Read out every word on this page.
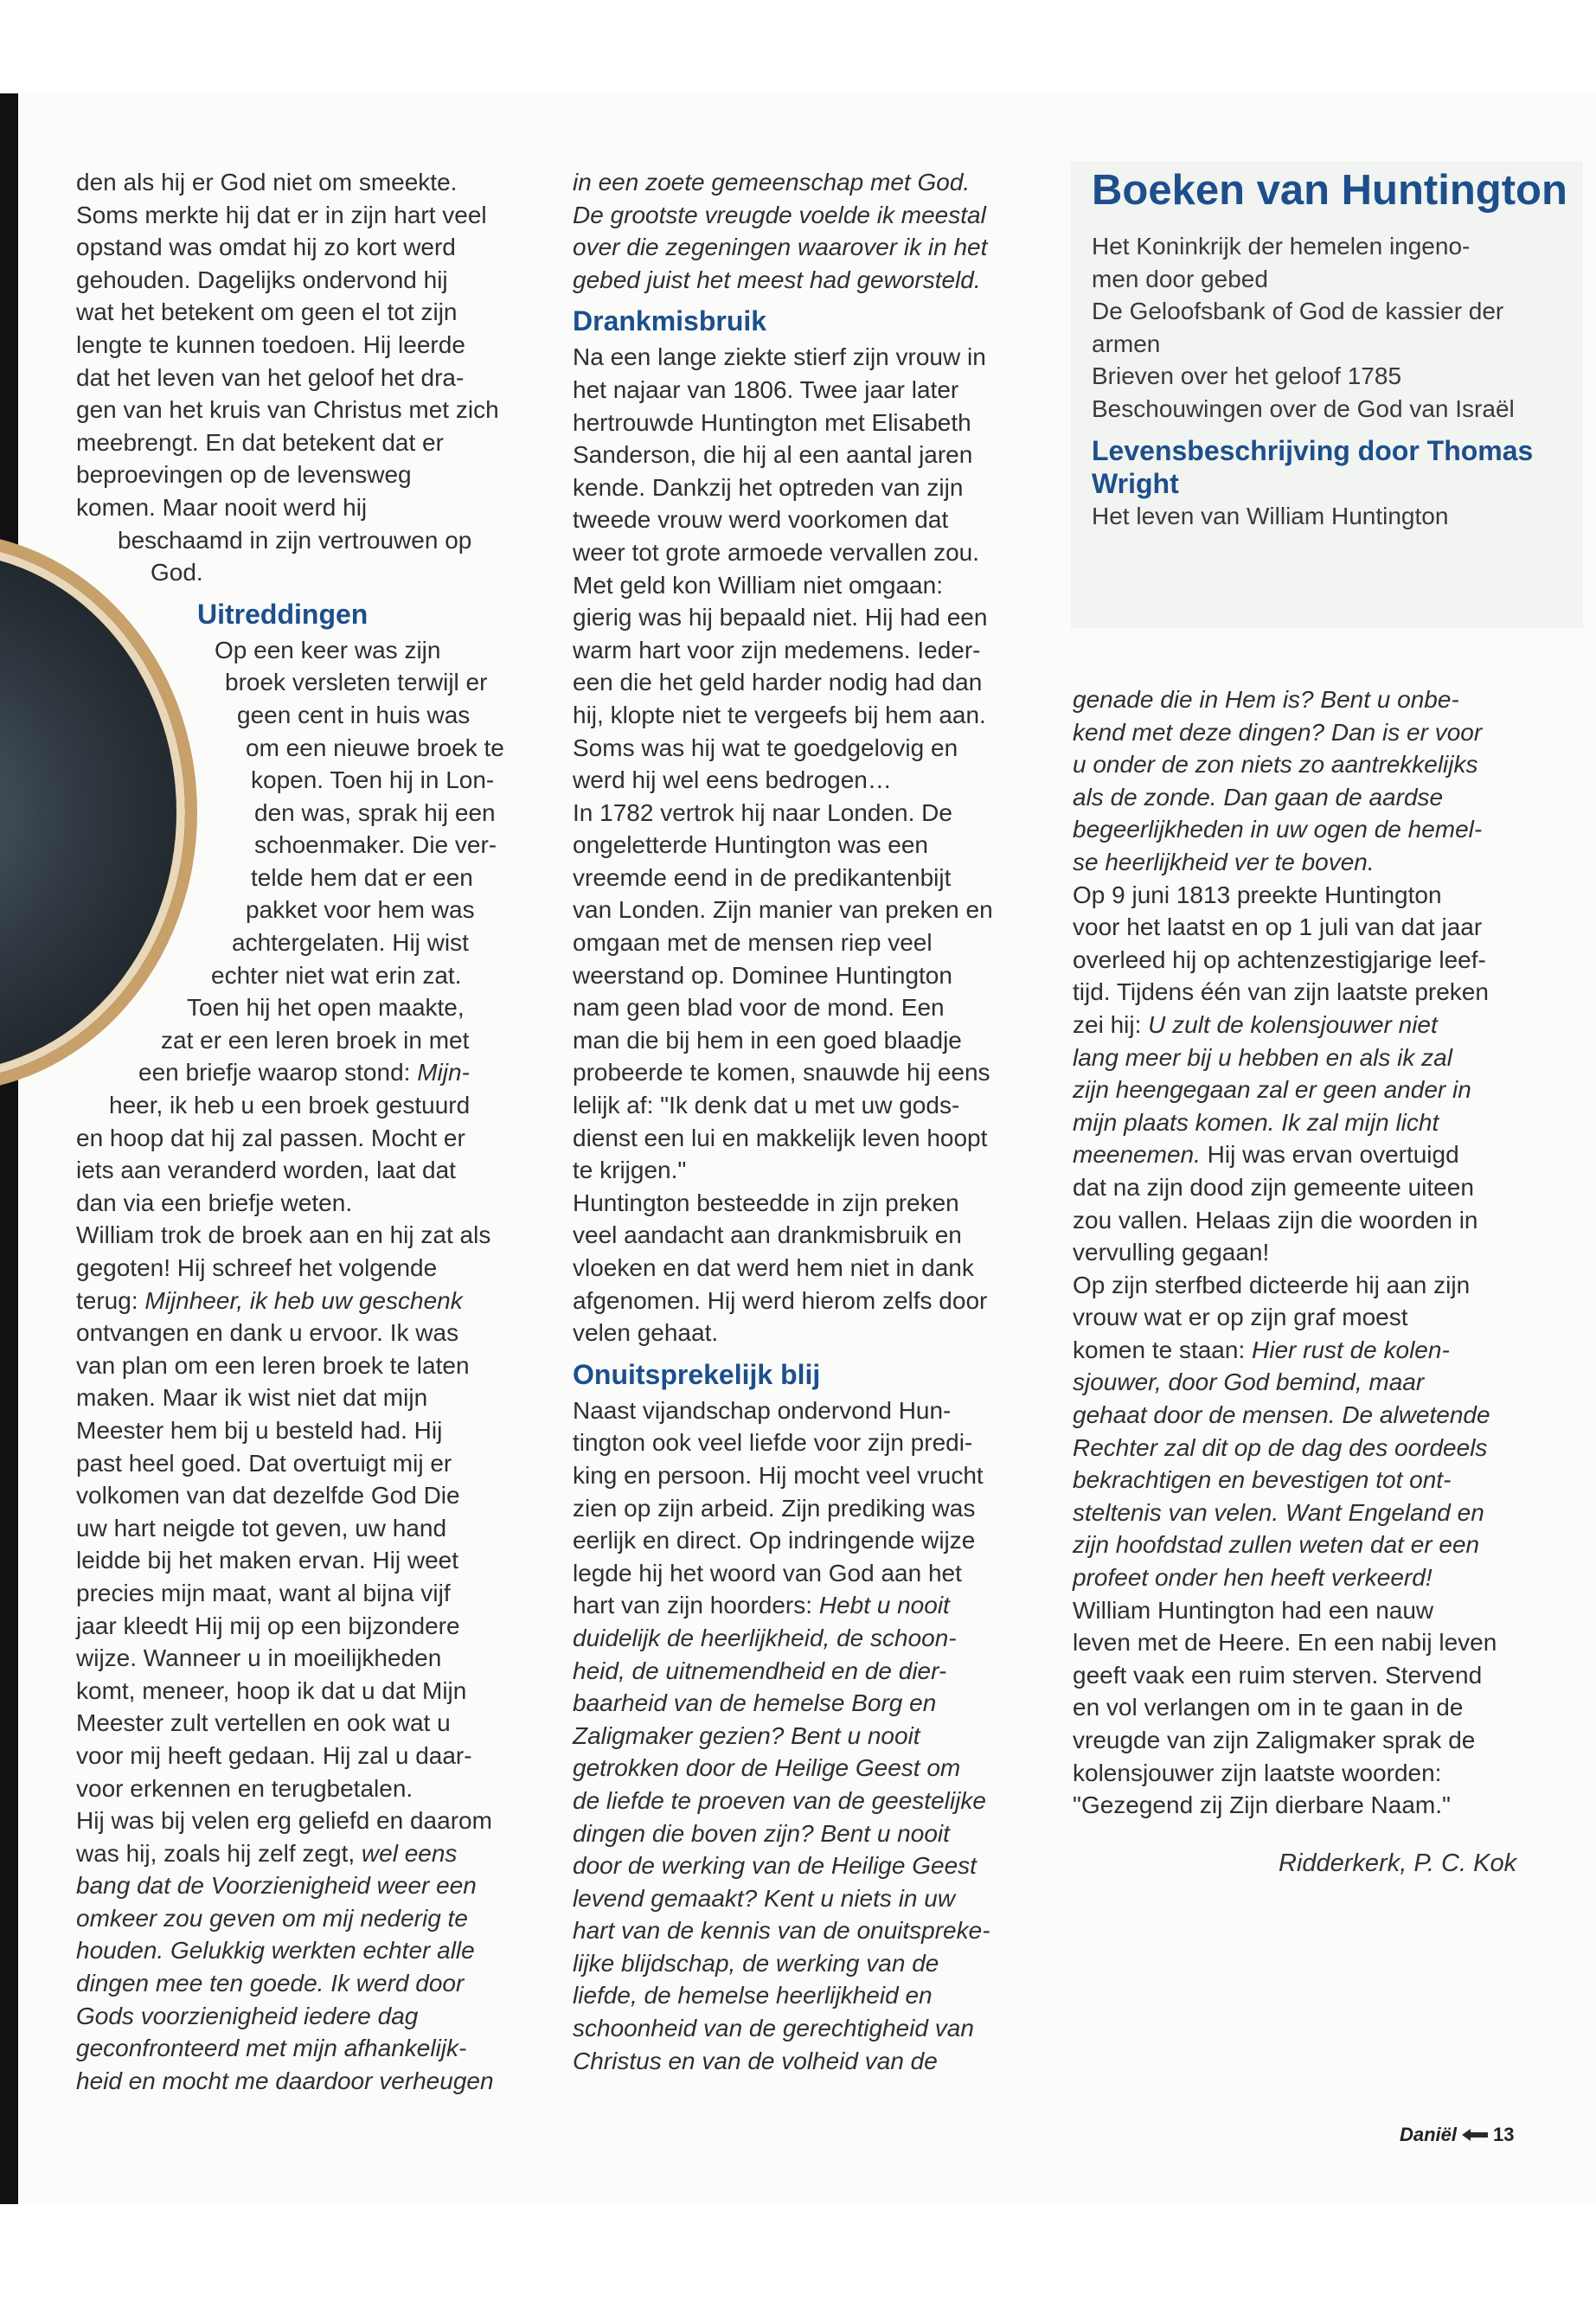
den als hij er God niet om smeekte.
Soms merkte hij dat er in zijn hart veel
opstand was omdat hij zo kort werd
gehouden. Dagelijks ondervond hij
wat het betekent om geen el tot zijn
lengte te kunnen toedoen. Hij leerde
dat het leven van het geloof het dra-
gen van het kruis van Christus met zich
meebrengt. En dat betekent dat er
beproevingen op de levensweg
komen. Maar nooit werd hij
beschaamd in zijn vertrouwen op
God.
Uitreddingen
Op een keer was zijn
broek versleten terwijl er
geen cent in huis was
om een nieuwe broek te
kopen. Toen hij in Lon-
den was, sprak hij een
schoenmaker. Die ver-
telde hem dat er een
pakket voor hem was
achtergelaten. Hij wist
echter niet wat erin zat.
Toen hij het open maakte,
zat er een leren broek in met
een briefje waarop stond: Mijn-
heer, ik heb u een broek gestuurd
en hoop dat hij zal passen. Mocht er
iets aan veranderd worden, laat dat
dan via een briefje weten.
William trok de broek aan en hij zat als
gegoten! Hij schreef het volgende
terug: Mijnheer, ik heb uw geschenk
ontvangen en dank u ervoor. Ik was
van plan om een leren broek te laten
maken. Maar ik wist niet dat mijn
Meester hem bij u besteld had. Hij
past heel goed. Dat overtuigt mij er
volkomen van dat dezelfde God Die
uw hart neigde tot geven, uw hand
leidde bij het maken ervan. Hij weet
precies mijn maat, want al bijna vijf
jaar kleedt Hij mij op een bijzondere
wijze. Wanneer u in moeilijkheden
komt, meneer, hoop ik dat u dat Mijn
Meester zult vertellen en ook wat u
voor mij heeft gedaan. Hij zal u daar-
voor erkennen en terugbetalen.
Hij was bij velen erg geliefd en daarom
was hij, zoals hij zelf zegt, wel eens
bang dat de Voorzienigheid weer een
omkeer zou geven om mij nederig te
houden. Gelukkig werkten echter alle
dingen mee ten goede. Ik werd door
Gods voorzienigheid iedere dag
geconfronteerd met mijn afhankelijk-
heid en mocht me daardoor verheugen
in een zoete gemeenschap met God.
De grootste vreugde voelde ik meestal
over die zegeningen waarover ik in het
gebed juist het meest had geworsteld.
Drankmisbruik
Na een lange ziekte stierf zijn vrouw in
het najaar van 1806. Twee jaar later
hertrouwde Huntington met Elisabeth
Sanderson, die hij al een aantal jaren
kende. Dankzij het optreden van zijn
tweede vrouw werd voorkomen dat
weer tot grote armoede vervallen zou.
Met geld kon William niet omgaan:
gierig was hij bepaald niet. Hij had een
warm hart voor zijn medemens. Ieder-
een die het geld harder nodig had dan
hij, klopte niet te vergeefs bij hem aan.
Soms was hij wat te goedgelovig en
werd hij wel eens bedrogen…
In 1782 vertrok hij naar Londen. De
ongeletterde Huntington was een
vreemde eend in de predikantenbijt
van Londen. Zijn manier van preken en
omgaan met de mensen riep veel
weerstand op. Dominee Huntington
nam geen blad voor de mond. Een
man die bij hem in een goed blaadje
probeerde te komen, snauwde hij eens
lelijk af: "Ik denk dat u met uw gods-
dienst een lui en makkelijk leven hoopt
te krijgen."
Huntington besteedde in zijn preken
veel aandacht aan drankmisbruik en
vloeken en dat werd hem niet in dank
afgenomen. Hij werd hierom zelfs door
velen gehaat.
Onuitsprekelijk blij
Naast vijandschap ondervond Hun-
tington ook veel liefde voor zijn predi-
king en persoon. Hij mocht veel vrucht
zien op zijn arbeid. Zijn prediking was
eerlijk en direct. Op indringende wijze
legde hij het woord van God aan het
hart van zijn hoorders: Hebt u nooit
duidelijk de heerlijkheid, de schoon-
heid, de uitnemendheid en de dier-
baarheid van de hemelse Borg en
Zaligmaker gezien? Bent u nooit
getrokken door de Heilige Geest om
de liefde te proeven van de geestelijke
dingen die boven zijn? Bent u nooit
door de werking van de Heilige Geest
levend gemaakt? Kent u niets in uw
hart van de kennis van de onuitspreke-
lijke blijdschap, de werking van de
liefde, de hemelse heerlijkheid en
schoonheid van de gerechtigheid van
Christus en van de volheid van de
Boeken van Huntington
Het Koninkrijk der hemelen ingeno-
men door gebed
De Geloofsbank of God de kassier der
armen
Brieven over het geloof 1785
Beschouwingen over de God van Israël
Levensbeschrijving door Thomas
Wright
Het leven van William Huntington
genade die in Hem is? Bent u onbe-
kend met deze dingen? Dan is er voor
u onder de zon niets zo aantrekkelijks
als de zonde. Dan gaan de aardse
begeerlijkheden in uw ogen de hemel-
se heerlijkheid ver te boven.
Op 9 juni 1813 preekte Huntington
voor het laatst en op 1 juli van dat jaar
overleed hij op achtenzestigjarige leef-
tijd. Tijdens één van zijn laatste preken
zei hij: U zult de kolensjouwer niet
lang meer bij u hebben en als ik zal
zijn heengegaan zal er geen ander in
mijn plaats komen. Ik zal mijn licht
meenemen. Hij was ervan overtuigd
dat na zijn dood zijn gemeente uiteen
zou vallen. Helaas zijn die woorden in
vervulling gegaan!
Op zijn sterfbed dicteerde hij aan zijn
vrouw wat er op zijn graf moest
komen te staan: Hier rust de kolen-
sjouwer, door God bemind, maar
gehaat door de mensen. De alwetende
Rechter zal dit op de dag des oordeels
bekrachtigen en bevestigen tot ont-
steltenis van velen. Want Engeland en
zijn hoofdstad zullen weten dat er een
profeet onder hen heeft verkeerd!
William Huntington had een nauw
leven met de Heere. En een nabij leven
geeft vaak een ruim sterven. Stervend
en vol verlangen om in te gaan in de
vreugde van zijn Zaligmaker sprak de
kolensjouwer zijn laatste woorden:
"Gezegend zij Zijn dierbare Naam."
Ridderkerk, P. C. Kok
Daniël 13
